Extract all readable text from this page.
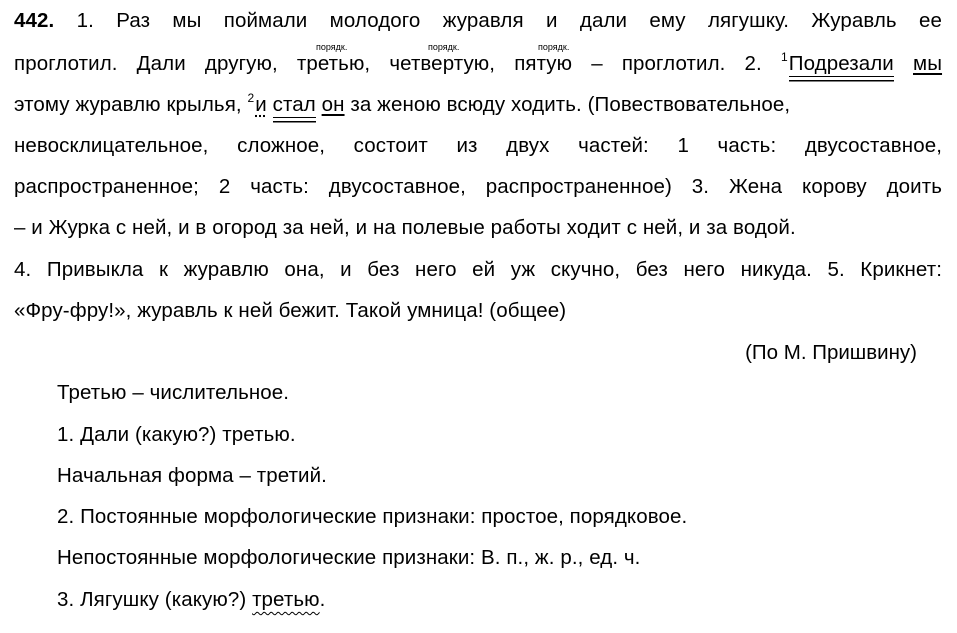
442. 1. Раз мы поймали молодого журавля и дали ему лягушку. Журавль ее
порядк.	порядк.	порядк.
проглотил. Дали другую, третью, четвертую, пятую – проглотил. 2. $^1$Подрезали мы
этому журавлю крылья, $^2$и стал он за женою всюду ходить. (Повествовательное,
невосклицательное, сложное, состоит из двух частей: 1 часть: двусоставное,
распространенное; 2 часть: двусоставное, распространенное) 3. Жена корову доить
– и Журка с ней, и в огород за ней, и на полевые работы ходит с ней, и за водой.
4. Привыкла к журавлю она, и без него ей уж скучно, без него никуда. 5. Крикнет:
«Фру-фру!», журавль к ней бежит. Такой умница! (общее)
(По М. Пришвину)
Третью – числительное.
1. Дали (какую?) третью.
Начальная форма – третий.
2. Постоянные морфологические признаки: простое, порядковое.
Непостоянные морфологические признаки: В. п., ж. р., ед. ч.
3. Лягушку (какую?) третью.
